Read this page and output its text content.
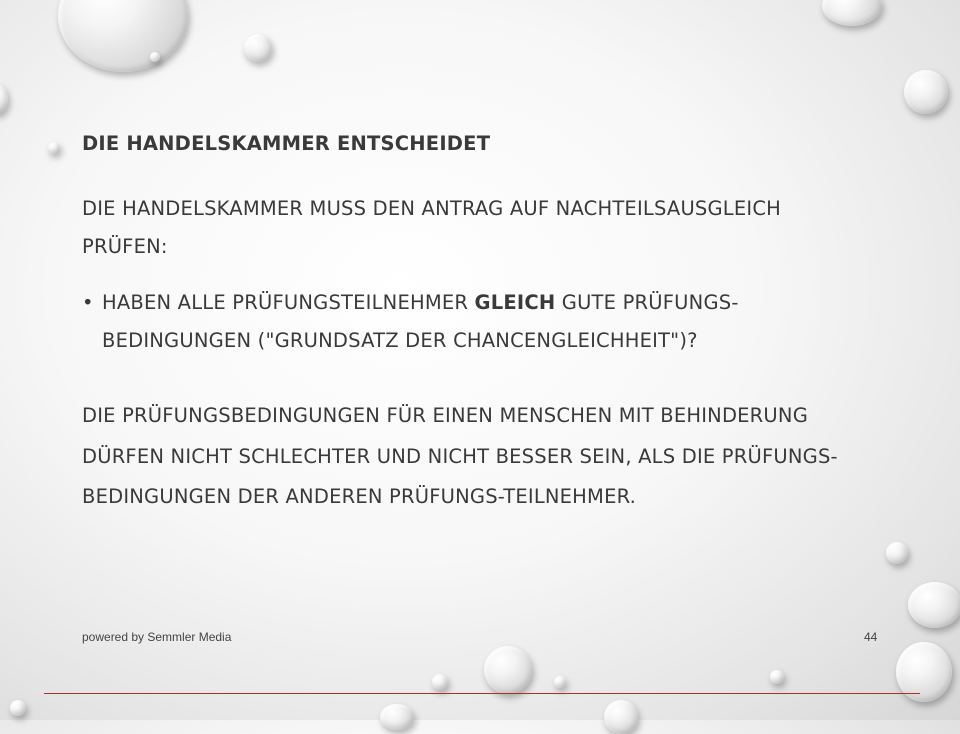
DIE HANDELSKAMMER ENTSCHEIDET
DIE HANDELSKAMMER MUSS DEN ANTRAG AUF NACHTEILSAUSGLEICH PRÜFEN:
• HABEN ALLE PRÜFUNGSTEILNEHMER GLEICH GUTE PRÜFUNGS-BEDINGUNGEN ("GRUNDSATZ DER CHANCENGLEICHHEIT")?
DIE PRÜFUNGSBEDINGUNGEN FÜR EINEN MENSCHEN MIT BEHINDERUNG DÜRFEN NICHT SCHLECHTER UND NICHT BESSER SEIN, ALS DIE PRÜFUNGS-BEDINGUNGEN DER ANDEREN PRÜFUNGS-TEILNEHMER.
powered by Semmler Media	44
